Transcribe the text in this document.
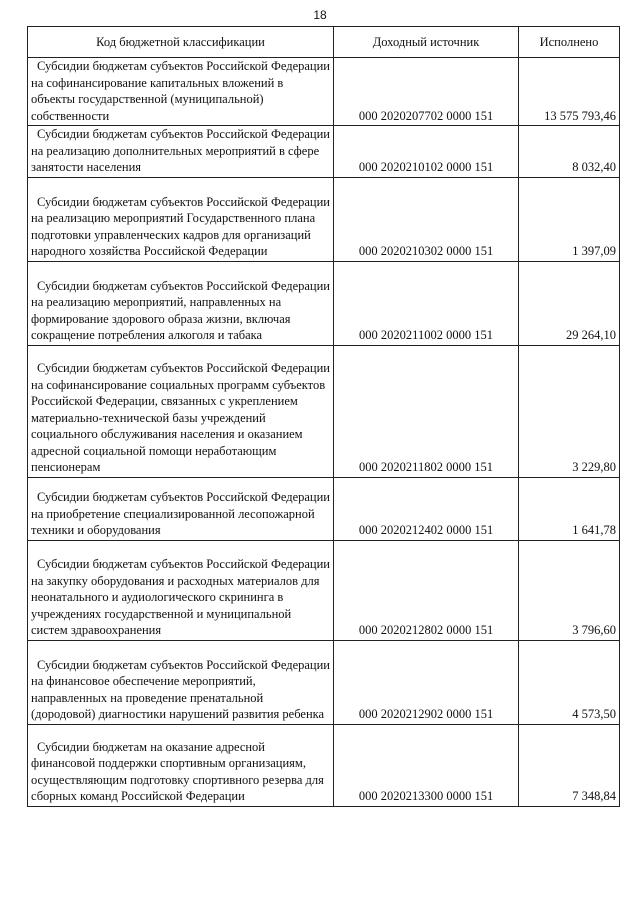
18
Код бюджетной классификации	Доходный источник	Исполнено
Субсидии бюджетам субъектов Российской Федерации на софинансирование капитальных вложений в объекты государственной (муниципальной) собственности	000 2020207702 0000 151	13 575 793,46
Субсидии бюджетам субъектов Российской Федерации на реализацию дополнительных мероприятий в сфере занятости населения	000 2020210102 0000 151	8 032,40
Субсидии бюджетам субъектов Российской Федерации на реализацию мероприятий Государственного плана подготовки управленческих кадров для организаций народного хозяйства Российской Федерации	000 2020210302 0000 151	1 397,09
Субсидии бюджетам субъектов Российской Федерации на реализацию мероприятий, направленных на формирование здорового образа жизни, включая сокращение потребления алкоголя и табака	000 2020211002 0000 151	29 264,10
Субсидии бюджетам субъектов Российской Федерации на софинансирование социальных программ субъектов Российской Федерации, связанных с укреплением материально-технической базы учреждений социального обслуживания населения и оказанием адресной социальной помощи неработающим пенсионерам	000 2020211802 0000 151	3 229,80
Субсидии бюджетам субъектов Российской Федерации на приобретение специализированной лесопожарной техники и оборудования	000 2020212402 0000 151	1 641,78
Субсидии бюджетам субъектов Российской Федерации на закупку оборудования и расходных материалов для неонатального и аудиологического скрининга в учреждениях государственной и муниципальной систем здравоохранения	000 2020212802 0000 151	3 796,60
Субсидии бюджетам субъектов Российской Федерации на финансовое обеспечение мероприятий, направленных на проведение пренатальной (дородовой) диагностики нарушений развития ребенка	000 2020212902 0000 151	4 573,50
Субсидии бюджетам на оказание адресной финансовой поддержки спортивным организациям, осуществляющим подготовку спортивного резерва для сборных команд Российской Федерации	000 2020213300 0000 151	7 348,84
